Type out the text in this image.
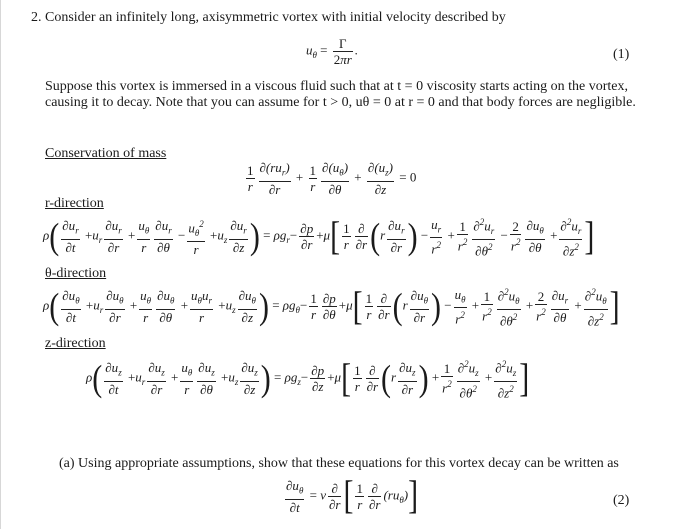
2. Consider an infinitely long, axisymmetric vortex with initial velocity described by
$u_\theta = \frac{\Gamma}{2\pi r}$ .	(1)
Suppose this vortex is immersed in a viscous fluid such that at t = 0 viscosity starts acting on the vortex, causing it to decay. Note that you can assume for t > 0, uθ = 0 at r = 0 and that body forces are negligible.
Conservation of mass
$\frac{1}{r} \frac{\partial(ru_r)}{\partial r} + \frac{1}{r} \frac{\partial(u_\theta)}{\partial\theta} + \frac{\partial(u_z)}{\partial z} = 0$
r-direction
$\rho( \frac{\partial u_r}{\partial t} +u_r \frac{\partial u_r}{\partial r} + \frac{u_\theta}{r} \frac{\partial u_r}{\partial\theta} - \frac{u_\theta^2}{r} +u_z \frac{\partial u_r}{\partial z}$ ) = $\rho g_r- \frac{\partial p}{\partial r} +\mu[ \frac{1}{r} \frac{\partial}{\partial r} (r \frac{\partial u_r}{\partial r}$ ) − $\frac{u_r}{r^2} + \frac{1}{r^2} \frac{\partial^2u_r}{\partial\theta^2} - \frac{2}{r^2} \frac{\partial u_\theta}{\partial\theta} + \frac{\partial^2u_r}{\partial z^2}$ ]
θ-direction
$\rho( \frac{\partial u_\theta}{\partial t} +u_r \frac{\partial u_\theta}{\partial r} + \frac{u_\theta}{r} \frac{\partial u_\theta}{\partial\theta} + \frac{u_\theta u_r}{r} +u_z \frac{\partial u_\theta}{\partial z}$ ) = $\rho g_\theta- \frac{1}{r} \frac{\partial p}{\partial\theta} +\mu[ \frac{1}{r} \frac{\partial}{\partial r} (r \frac{\partial u_\theta}{\partial r}$ ) − $\frac{u_\theta}{r^2} + \frac{1}{r^2} \frac{\partial^2u_\theta}{\partial\theta^2} + \frac{2}{r^2} \frac{\partial u_r}{\partial\theta} + \frac{\partial^2u_\theta}{\partial z^2}$ ]
z-direction
$\rho( \frac{\partial u_z}{\partial t} +u_r \frac{\partial u_z}{\partial r} + \frac{u_\theta}{r} \frac{\partial u_z}{\partial\theta} +u_z \frac{\partial u_z}{\partial z}$ ) = $\rho g_z- \frac{\partial p}{\partial z} +\mu[ \frac{1}{r} \frac{\partial}{\partial r} (r \frac{\partial u_z}{\partial r}$ ) + $\frac{1}{r^2} \frac{\partial^2u_z}{\partial\theta^2} + \frac{\partial^2u_z}{\partial z^2}$ ]
(a) Using appropriate assumptions, show that these equations for this vortex decay can be written as
$\frac{\partial u_\theta}{\partial t} = \nu \frac{\partial}{\partial r}$ [ $\frac{1}{r} \frac{\partial}{\partial r} (ru_\theta)$]	(2)
